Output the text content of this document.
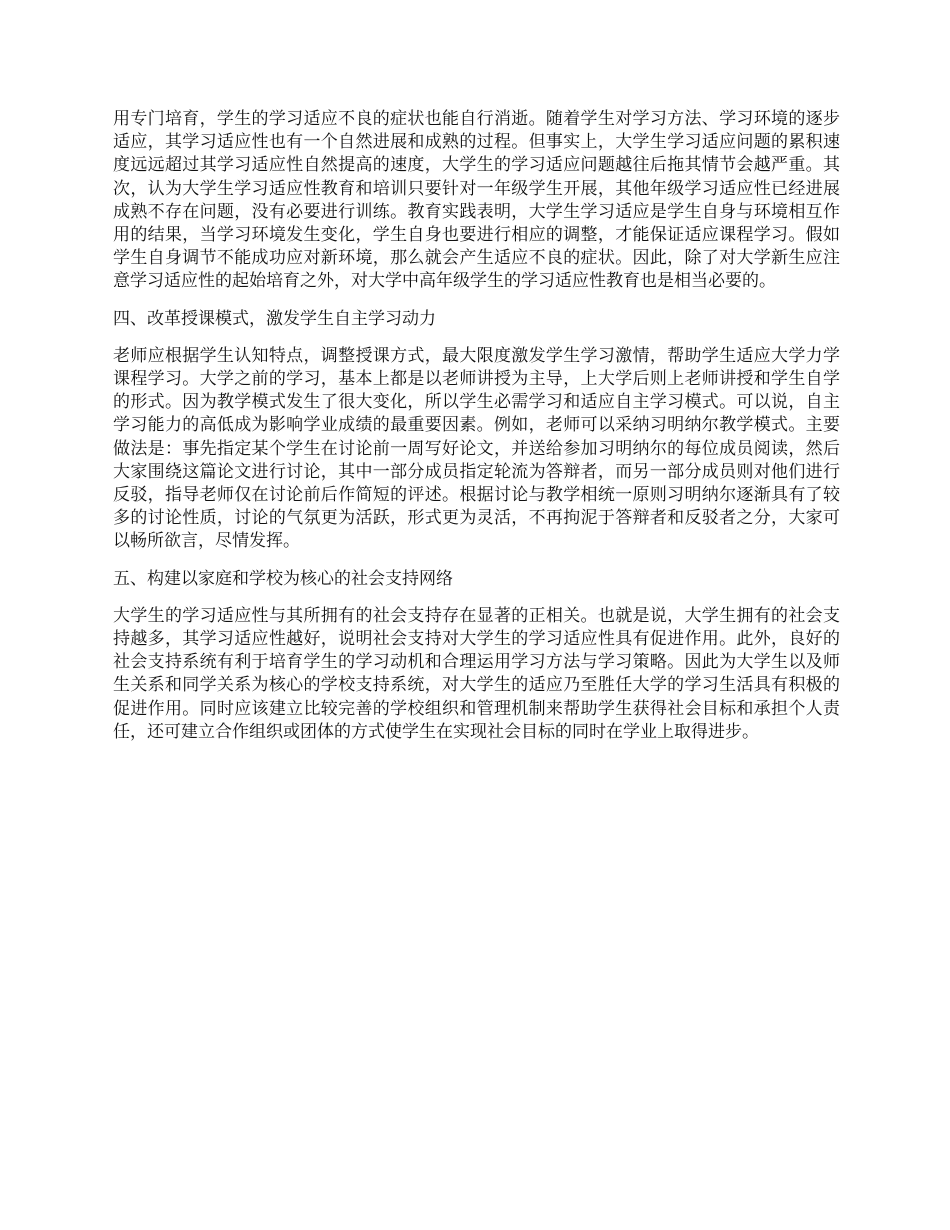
用专门培育，学生的学习适应不良的症状也能自行消逝。随着学生对学习方法、学习环境的逐步适应，其学习适应性也有一个自然进展和成熟的过程。但事实上，大学生学习适应问题的累积速度远远超过其学习适应性自然提高的速度，大学生的学习适应问题越往后拖其情节会越严重。其次，认为大学生学习适应性教育和培训只要针对一年级学生开展，其他年级学习适应性已经进展成熟不存在问题，没有必要进行训练。教育实践表明，大学生学习适应是学生自身与环境相互作用的结果，当学习环境发生变化，学生自身也要进行相应的调整，才能保证适应课程学习。假如学生自身调节不能成功应对新环境，那么就会产生适应不良的症状。因此，除了对大学新生应注意学习适应性的起始培育之外，对大学中高年级学生的学习适应性教育也是相当必要的。

四、改革授课模式，激发学生自主学习动力

老师应根据学生认知特点，调整授课方式，最大限度激发学生学习激情，帮助学生适应大学力学课程学习。大学之前的学习，基本上都是以老师讲授为主导，上大学后则上老师讲授和学生自学的形式。因为教学模式发生了很大变化，所以学生必需学习和适应自主学习模式。可以说，自主学习能力的高低成为影响学业成绩的最重要因素。例如，老师可以采纳习明纳尔教学模式。主要做法是：事先指定某个学生在讨论前一周写好论文，并送给参加习明纳尔的每位成员阅读，然后大家围绕这篇论文进行讨论，其中一部分成员指定轮流为答辩者，而另一部分成员则对他们进行反驳，指导老师仅在讨论前后作简短的评述。根据讨论与教学相统一原则习明纳尔逐渐具有了较多的讨论性质，讨论的气氛更为活跃，形式更为灵活，不再拘泥于答辩者和反驳者之分，大家可以畅所欲言，尽情发挥。

五、构建以家庭和学校为核心的社会支持网络

大学生的学习适应性与其所拥有的社会支持存在显著的正相关。也就是说，大学生拥有的社会支持越多，其学习适应性越好，说明社会支持对大学生的学习适应性具有促进作用。此外，良好的社会支持系统有利于培育学生的学习动机和合理运用学习方法与学习策略。因此为大学生以及师生关系和同学关系为核心的学校支持系统，对大学生的适应乃至胜任大学的学习生活具有积极的促进作用。同时应该建立比较完善的学校组织和管理机制来帮助学生获得社会目标和承担个人责任，还可建立合作组织或团体的方式使学生在实现社会目标的同时在学业上取得进步。
